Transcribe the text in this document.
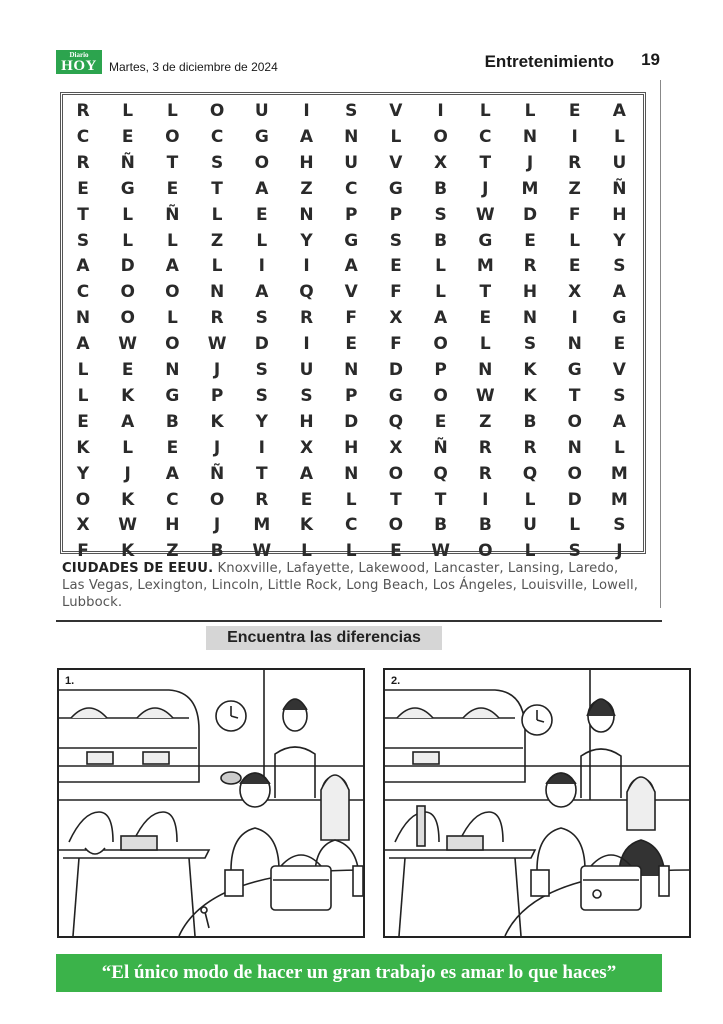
Diario
HOY	Martes, 3 de diciembre de 2024	Entretenimiento 19
R	L	L	O	U	I	S	V	I	L	L	E	A
C	E	O	C	G	A	N	L	O	C	N	I	L
R	Ñ	T	S	O	H	U	V	X	T	J	R	U
E	G	E	T	A	Z	C	G	B	J	M	Z	Ñ
T	L	Ñ	L	E	N	P	P	S	W	D	F	H
S	L	L	Z	L	Y	G	S	B	G	E	L	Y
A	D	A	L	I	I	A	E	L	M	R	E	S
C	O	O	N	A	Q	V	F	L	T	H	X	A
N	O	L	R	S	R	F	X	A	E	N	I	G
A	W	O	W	D	I	E	F	O	L	S	N	E
L	E	N	J	S	U	N	D	P	N	K	G	V
L	K	G	P	S	S	P	G	O	W	K	T	S
E	A	B	K	Y	H	D	Q	E	Z	B	O	A
K	L	E	J	I	X	H	X	Ñ	R	R	N	L
Y	J	A	Ñ	T	A	N	O	Q	R	Q	O	M
O	K	C	O	R	E	L	T	T	I	L	D	M
X	W	H	J	M	K	C	O	B	B	U	L	S
F	K	Z	B	W	L	L	E	W	O	L	S	J
CIUDADES DE EEUU. Knoxville, Lafayette, Lakewood, Lancaster, Lansing, Laredo, Las Vegas, Lexington, Lincoln, Little Rock, Long Beach, Los Ángeles, Louisville, Lowell, Lubbock.
Encuentra las diferencias
1.	2.
“El único modo de hacer un gran trabajo es amar lo que haces”
